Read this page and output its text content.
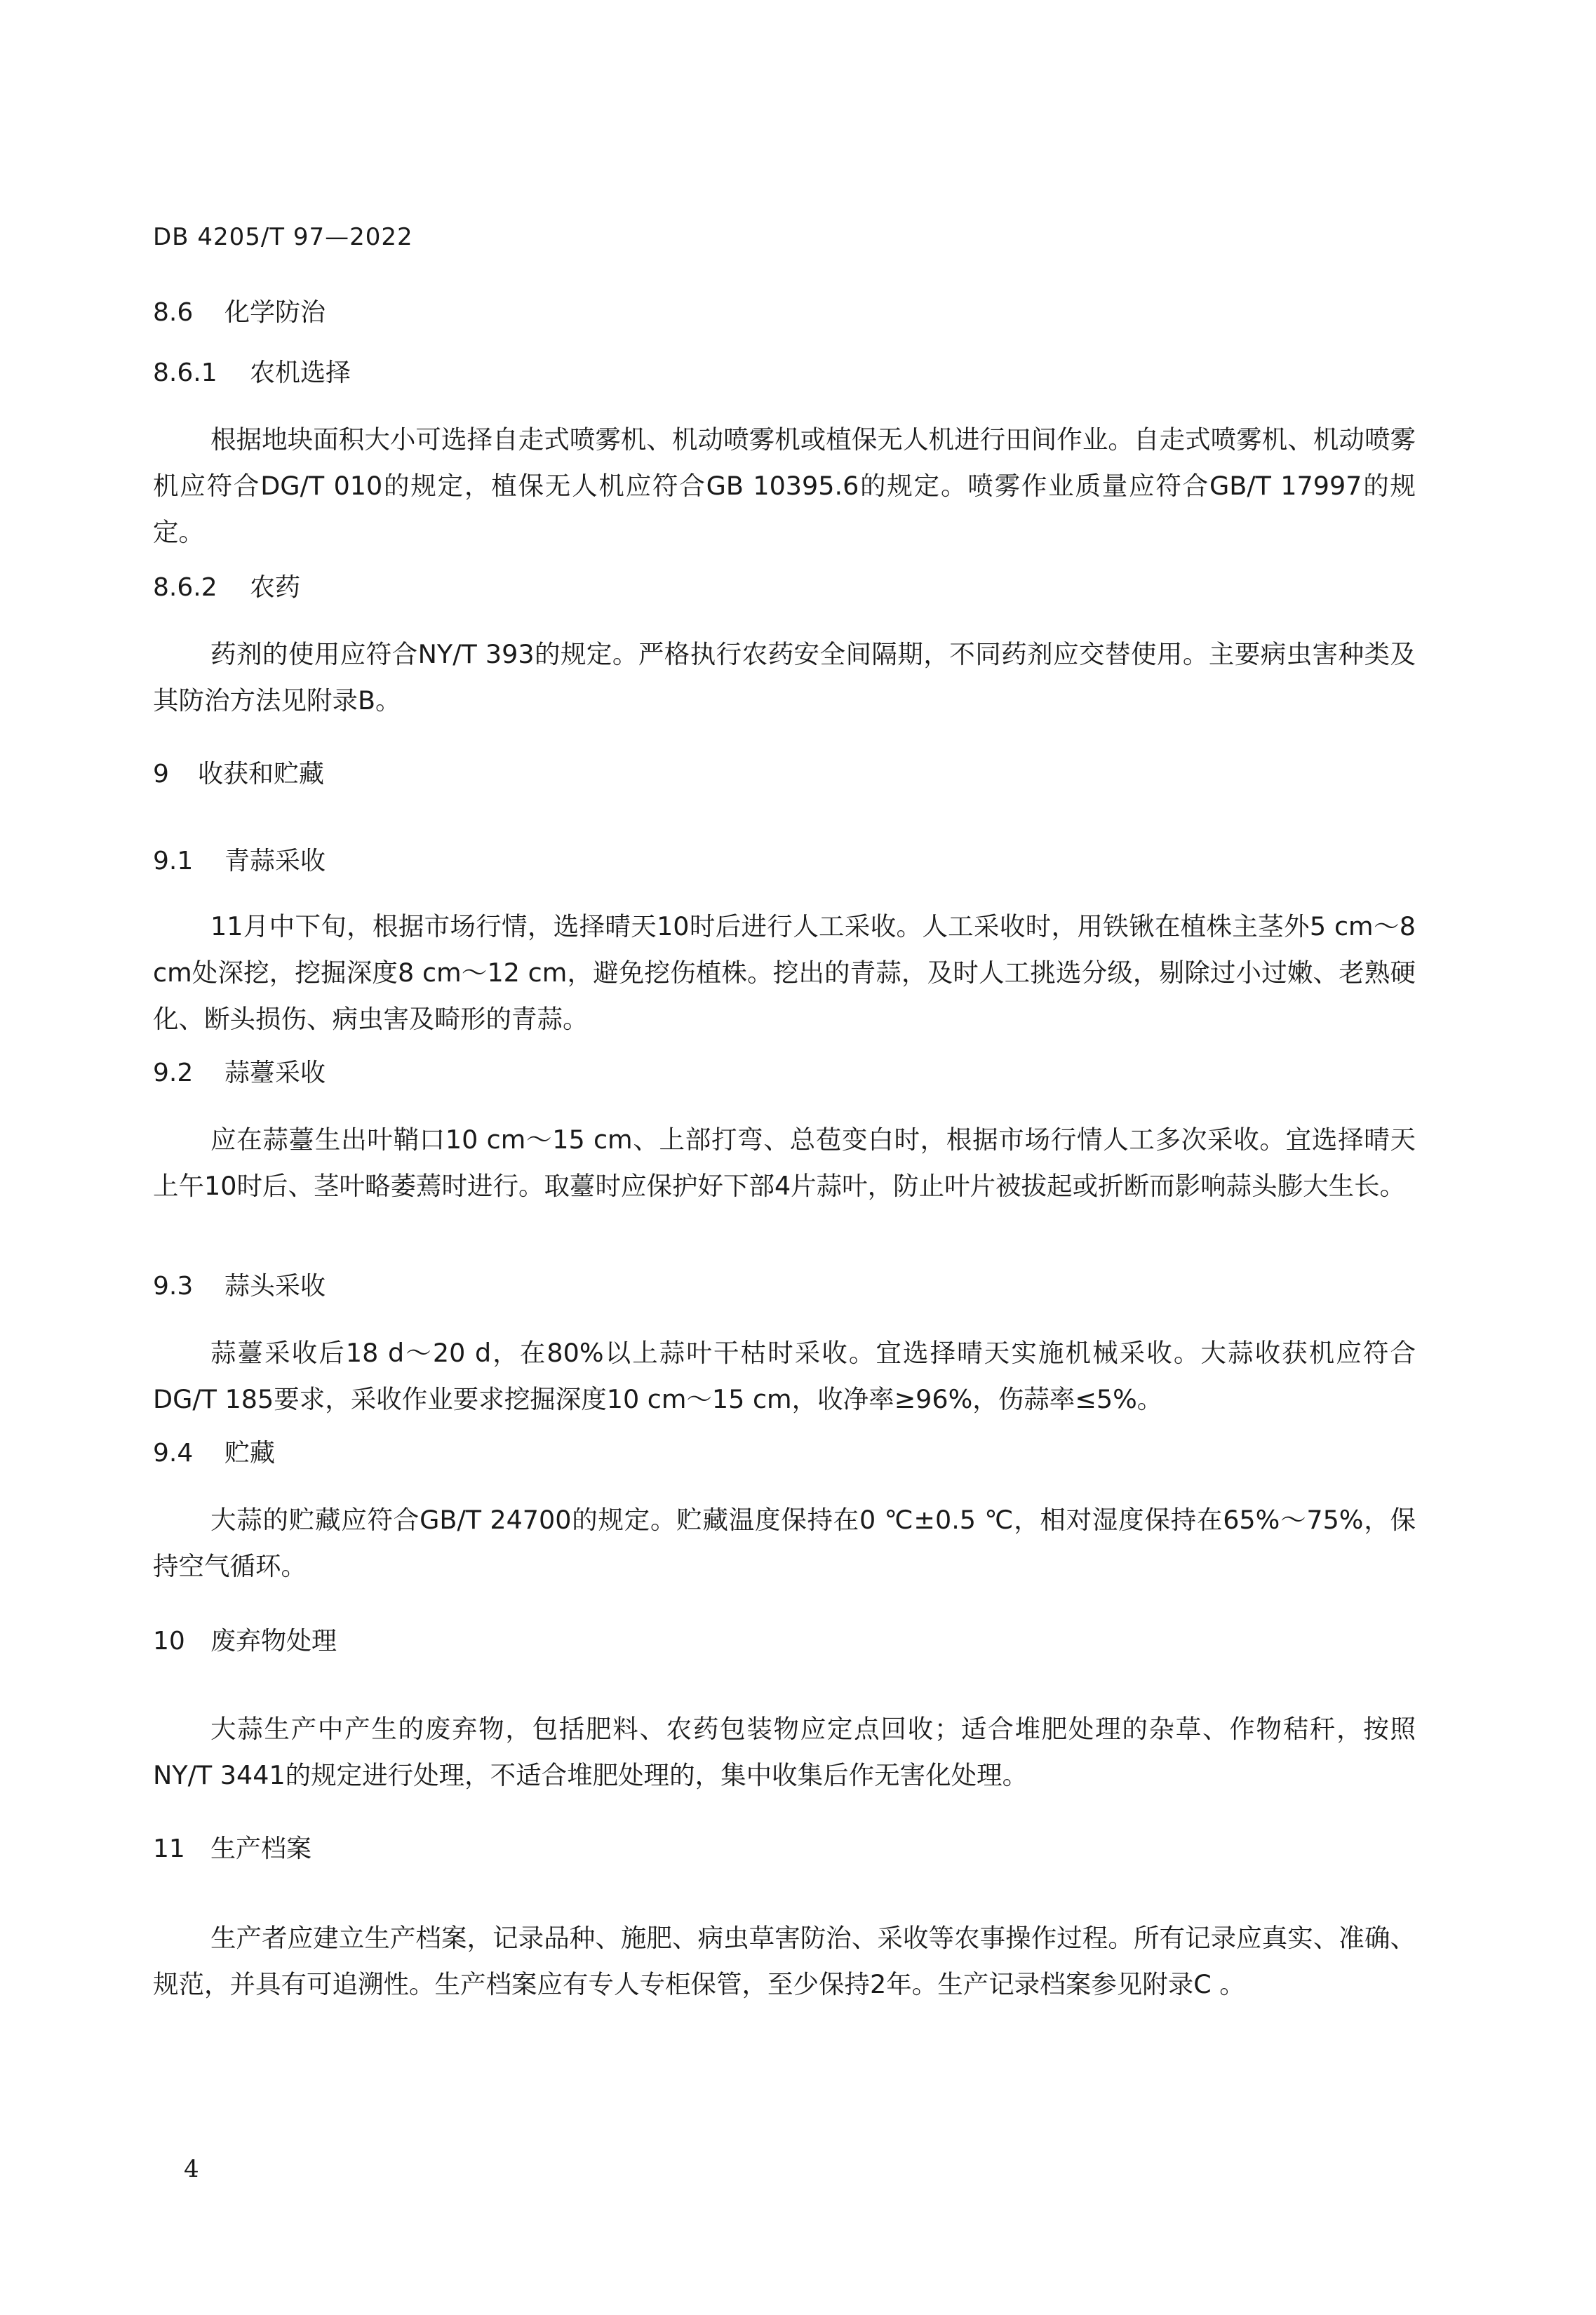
DB 4205/T 97—2022
8.6 化学防治
8.6.1 农机选择

根据地块面积大小可选择自走式喷雾机、机动喷雾机或植保无人机进行田间作业。自走式喷雾机、机动喷雾机应符合DG/T 010的规定，植保无人机应符合GB 10395.6的规定。喷雾作业质量应符合GB/T 17997的规定。

8.6.2 农药

药剂的使用应符合NY/T 393的规定。严格执行农药安全间隔期，不同药剂应交替使用。主要病虫害种类及其防治方法见附录B。

9 收获和贮藏
9.1 青蒜采收

11月中下旬，根据市场行情，选择晴天10时后进行人工采收。人工采收时，用铁锹在植株主茎外5 cm～8 cm处深挖，挖掘深度8 cm～12 cm，避免挖伤植株。挖出的青蒜，及时人工挑选分级，剔除过小过嫩、老熟硬化、断头损伤、病虫害及畸形的青蒜。

9.2 蒜薹采收

应在蒜薹生出叶鞘口10 cm～15 cm、上部打弯、总苞变白时，根据市场行情人工多次采收。宜选择晴天上午10时后、茎叶略萎蔫时进行。取薹时应保护好下部4片蒜叶，防止叶片被拔起或折断而影响蒜头膨大生长。

9.3 蒜头采收

蒜薹采收后18 d～20 d，在80%以上蒜叶干枯时采收。宜选择晴天实施机械采收。大蒜收获机应符合DG/T 185要求，采收作业要求挖掘深度10 cm～15 cm，收净率≥96%，伤蒜率≤5%。

9.4 贮藏

大蒜的贮藏应符合GB/T 24700的规定。贮藏温度保持在0 ℃±0.5 ℃，相对湿度保持在65%～75%，保持空气循环。

10 废弃物处理

大蒜生产中产生的废弃物，包括肥料、农药包装物应定点回收；适合堆肥处理的杂草、作物秸秆，按照NY/T 3441的规定进行处理，不适合堆肥处理的，集中收集后作无害化处理。

11 生产档案

生产者应建立生产档案，记录品种、施肥、病虫草害防治、采收等农事操作过程。所有记录应真实、准确、规范，并具有可追溯性。生产档案应有专人专柜保管，至少保持2年。生产记录档案参见附录C 。

4
